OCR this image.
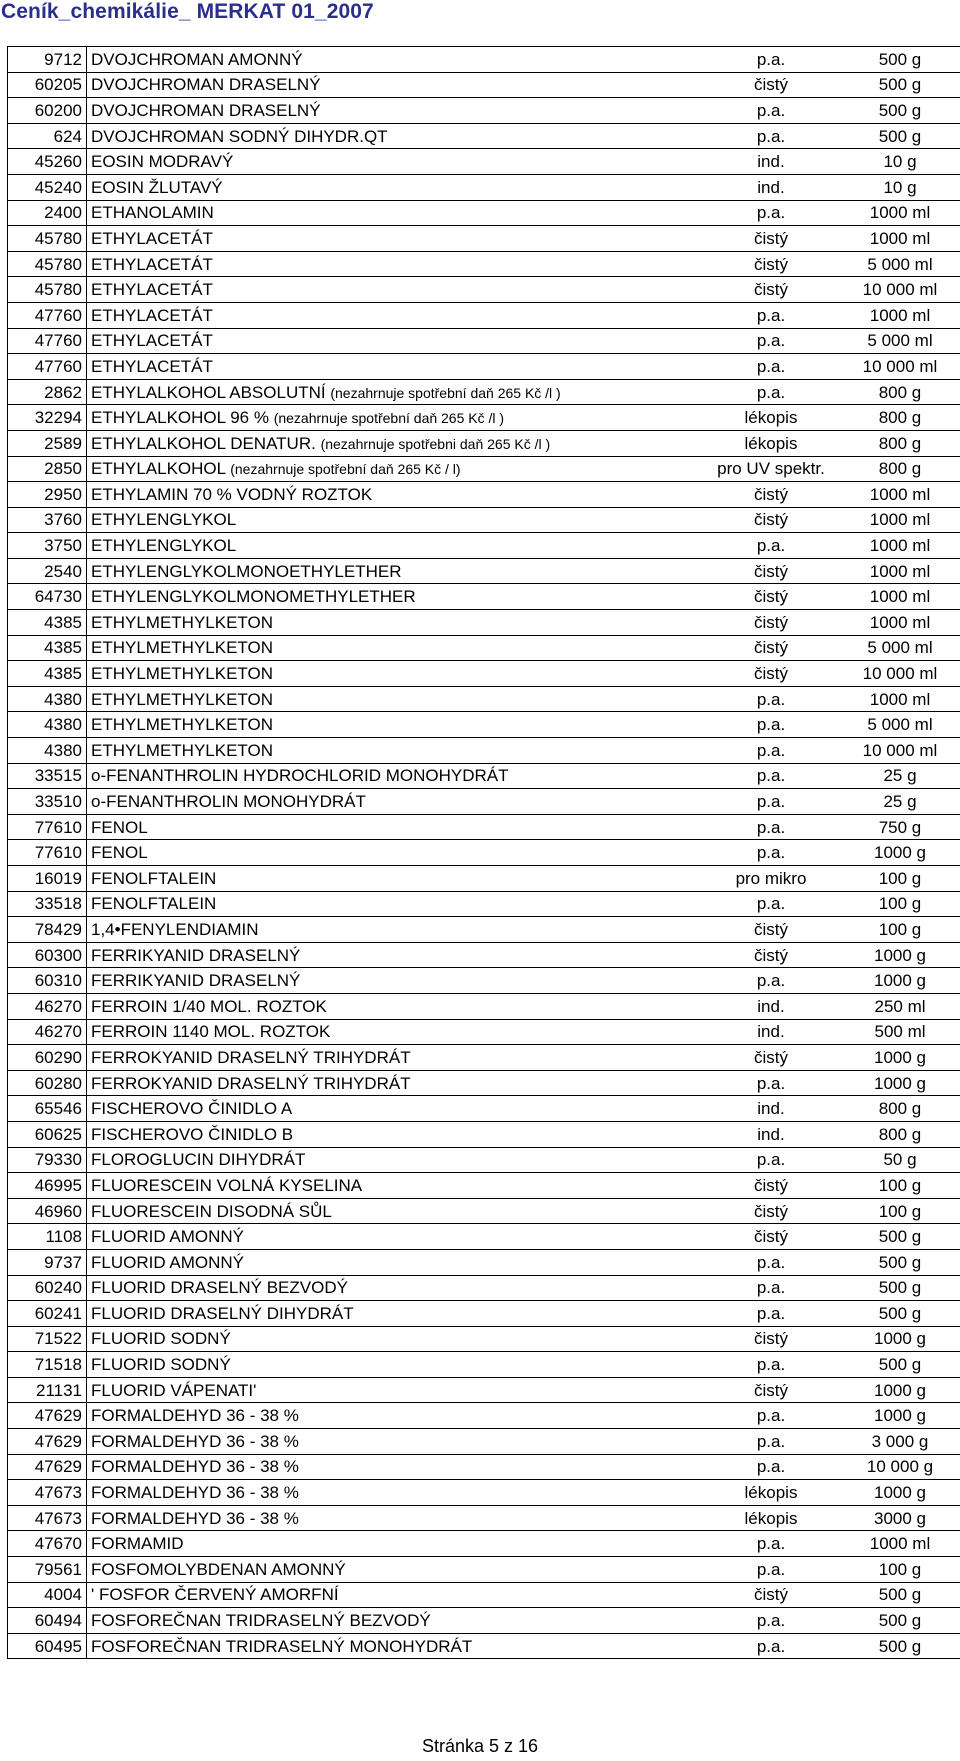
Ceník_chemikálie_ MERKAT 01_2007
9712	DVOJCHROMAN AMONNÝ	p.a.	500 g
60205	DVOJCHROMAN DRASELNÝ	čistý	500 g
60200	DVOJCHROMAN DRASELNÝ	p.a.	500 g
624	DVOJCHROMAN SODNÝ DIHYDR.QT	p.a.	500 g
45260	EOSIN MODRAVÝ	ind.	10 g
45240	EOSIN ŽLUTAVÝ	ind.	10 g
2400	ETHANOLAMIN	p.a.	1000 ml
45780	ETHYLACETÁT	čistý	1000 ml
45780	ETHYLACETÁT	čistý	5 000 ml
45780	ETHYLACETÁT	čistý	10 000 ml
47760	ETHYLACETÁT	p.a.	1000 ml
47760	ETHYLACETÁT	p.a.	5 000 ml
47760	ETHYLACETÁT	p.a.	10 000 ml
2862	ETHYLALKOHOL ABSOLUTNÍ (nezahrnuje spotřební daň 265 Kč /l )	p.a.	800 g
32294	ETHYLALKOHOL 96 % (nezahrnuje spotřební daň 265 Kč /l )	lékopis	800 g
2589	ETHYLALKOHOL DENATUR. (nezahrnuje spotřebni daň 265 Kč /l )	lékopis	800 g
2850	ETHYLALKOHOL (nezahrnuje spotřební daň 265 Kč / l)	pro UV spektr.	800 g
2950	ETHYLAMIN 70 % VODNÝ ROZTOK	čistý	1000 ml
3760	ETHYLENGLYKOL	čistý	1000 ml
3750	ETHYLENGLYKOL	p.a.	1000 ml
2540	ETHYLENGLYKOLMONOETHYLETHER	čistý	1000 ml
64730	ETHYLENGLYKOLMONOMETHYLETHER	čistý	1000 ml
4385	ETHYLMETHYLKETON	čistý	1000 ml
4385	ETHYLMETHYLKETON	čistý	5 000 ml
4385	ETHYLMETHYLKETON	čistý	10 000 ml
4380	ETHYLMETHYLKETON	p.a.	1000 ml
4380	ETHYLMETHYLKETON	p.a.	5 000 ml
4380	ETHYLMETHYLKETON	p.a.	10 000 ml
33515	o-FENANTHROLIN HYDROCHLORID MONOHYDRÁT	p.a.	25 g
33510	o-FENANTHROLIN MONOHYDRÁT	p.a.	25 g
77610	FENOL	p.a.	750 g
77610	FENOL	p.a.	1000 g
16019	FENOLFTALEIN	pro mikro	100 g
33518	FENOLFTALEIN	p.a.	100 g
78429	1,4•FENYLENDIAMIN	čistý	100 g
60300	FERRIKYANID DRASELNÝ	čistý	1000 g
60310	FERRIKYANID DRASELNÝ	p.a.	1000 g
46270	FERROIN 1/40 MOL. ROZTOK	ind.	250 ml
46270	FERROIN 1140 MOL. ROZTOK	ind.	500 ml
60290	FERROKYANID DRASELNÝ TRIHYDRÁT	čistý	1000 g
60280	FERROKYANID DRASELNÝ TRIHYDRÁT	p.a.	1000 g
65546	FISCHEROVO ČINIDLO A	ind.	800 g
60625	FISCHEROVO ČINIDLO B	ind.	800 g
79330	FLOROGLUCIN DIHYDRÁT	p.a.	50 g
46995	FLUORESCEIN VOLNÁ KYSELINA	čistý	100 g
46960	FLUORESCEIN DISODNÁ SŮL	čistý	100 g
1108	FLUORID AMONNÝ	čistý	500 g
9737	FLUORID AMONNÝ	p.a.	500 g
60240	FLUORID DRASELNÝ BEZVODÝ	p.a.	500 g
60241	FLUORID DRASELNÝ DIHYDRÁT	p.a.	500 g
71522	FLUORID SODNÝ	čistý	1000 g
71518	FLUORID SODNÝ	p.a.	500 g
21131	FLUORID VÁPENATI'	čistý	1000 g
47629	FORMALDEHYD 36 - 38 %	p.a.	1000 g
47629	FORMALDEHYD 36 - 38 %	p.a.	3 000 g
47629	FORMALDEHYD 36 - 38 %	p.a.	10 000 g
47673	FORMALDEHYD 36 - 38 %	lékopis	1000 g
47673	FORMALDEHYD 36 - 38 %	lékopis	3000 g
47670	FORMAMID	p.a.	1000 ml
79561	FOSFOMOLYBDENAN AMONNÝ	p.a.	100 g
4004	' FOSFOR ČERVENÝ AMORFNÍ	čistý	500 g
60494	FOSFOREČNAN TRIDRASELNÝ BEZVODÝ	p.a.	500 g
60495	FOSFOREČNAN TRIDRASELNÝ MONOHYDRÁT	p.a.	500 g
Stránka 5 z 16
